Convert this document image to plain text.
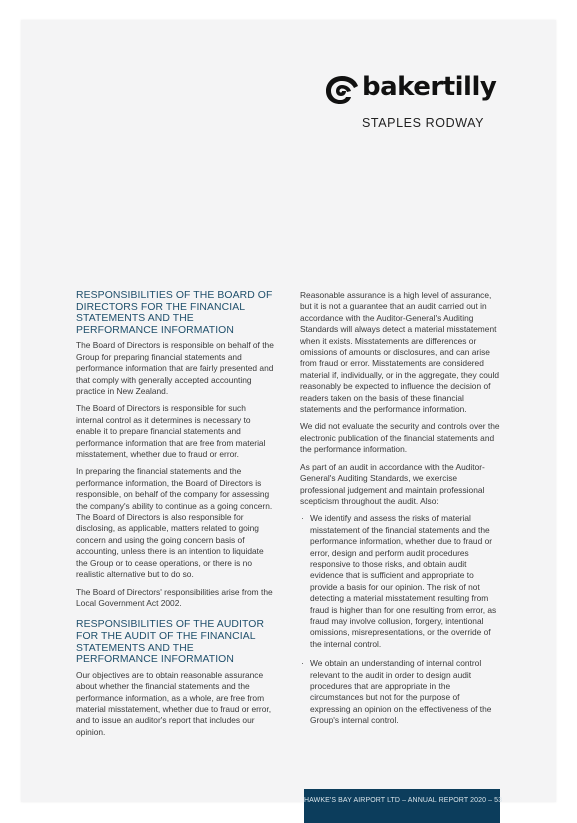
bakertilly
STAPLES RODWAY
RESPONSIBILITIES OF THE BOARD OF DIRECTORS FOR THE FINANCIAL STATEMENTS AND THE PERFORMANCE INFORMATION

The Board of Directors is responsible on behalf of the Group for preparing financial statements and performance information that are fairly presented and that comply with generally accepted accounting practice in New Zealand.

The Board of Directors is responsible for such internal control as it determines is necessary to enable it to prepare financial statements and performance information that are free from material misstatement, whether due to fraud or error.

In preparing the financial statements and the performance information, the Board of Directors is responsible, on behalf of the company for assessing the company's ability to continue as a going concern. The Board of Directors is also responsible for disclosing, as applicable, matters related to going concern and using the going concern basis of accounting, unless there is an intention to liquidate the Group or to cease operations, or there is no realistic alternative but to do so.

The Board of Directors' responsibilities arise from the Local Government Act 2002.

RESPONSIBILITIES OF THE AUDITOR FOR THE AUDIT OF THE FINANCIAL STATEMENTS AND THE PERFORMANCE INFORMATION

Our objectives are to obtain reasonable assurance about whether the financial statements and the performance information, as a whole, are free from material misstatement, whether due to fraud or error, and to issue an auditor's report that includes our opinion.

Reasonable assurance is a high level of assurance, but it is not a guarantee that an audit carried out in accordance with the Auditor-General's Auditing Standards will always detect a material misstatement when it exists. Misstatements are differences or omissions of amounts or disclosures, and can arise from fraud or error. Misstatements are considered material if, individually, or in the aggregate, they could reasonably be expected to influence the decision of readers taken on the basis of these financial statements and the performance information.

We did not evaluate the security and controls over the electronic publication of the financial statements and the performance information.

As part of an audit in accordance with the Auditor-General's Auditing Standards, we exercise professional judgement and maintain professional scepticism throughout the audit. Also:

· We identify and assess the risks of material misstatement of the financial statements and the performance information, whether due to fraud or error, design and perform audit procedures responsive to those risks, and obtain audit evidence that is sufficient and appropriate to provide a basis for our opinion. The risk of not detecting a material misstatement resulting from fraud is higher than for one resulting from error, as fraud may involve collusion, forgery, intentional omissions, misrepresentations, or the override of the internal control.
· We obtain an understanding of internal control relevant to the audit in order to design audit procedures that are appropriate in the circumstances but not for the purpose of expressing an opinion on the effectiveness of the Group's internal control.
HAWKE'S BAY AIRPORT LTD – ANNUAL REPORT 2020 – 53
